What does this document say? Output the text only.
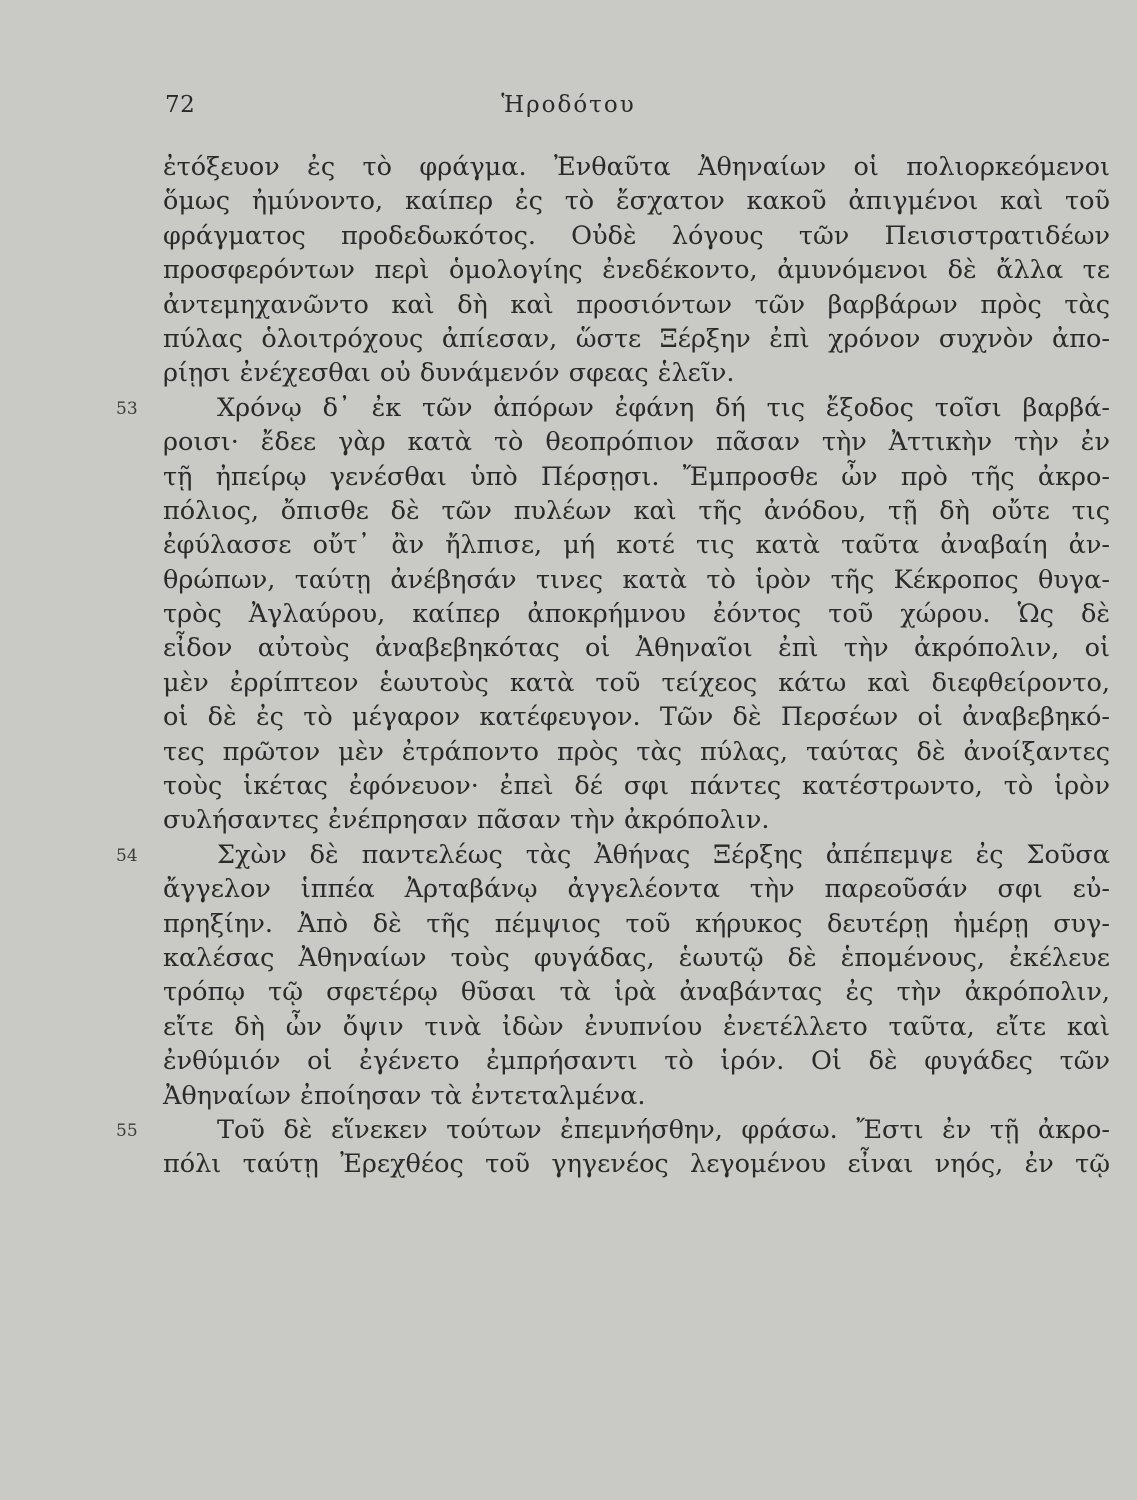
72	Ἡροδότου
ἐτόξευον ἐς τὸ φράγμα. Ἐνθαῦτα Ἀθηναίων οἱ πολιορκεόμενοι
ὅμως ἠμύνοντο, καίπερ ἐς τὸ ἔσχατον κακοῦ ἀπιγμένοι καὶ τοῦ
φράγματος προδεδωκότος. Οὐδὲ λόγους τῶν Πεισιστρατιδέων
προσφερόντων περὶ ὁμολογίης ἐνεδέκοντο, ἀμυνόμενοι δὲ ἄλλα τε
ἀντεμηχανῶντο καὶ δὴ καὶ προσιόντων τῶν βαρβάρων πρὸς τὰς
πύλας ὁλοιτρόχους ἀπίεσαν, ὥστε Ξέρξην ἐπὶ χρόνον συχνὸν ἀπο-
ρίῃσι ἐνέχεσθαι οὐ δυνάμενόν σφεας ἑλεῖν.
53	Χρόνῳ δ᾽ ἐκ τῶν ἀπόρων ἐφάνη δή τις ἔξοδος τοῖσι βαρβά-
ροισι· ἔδεε γὰρ κατὰ τὸ θεοπρόπιον πᾶσαν τὴν Ἀττικὴν τὴν ἐν
τῇ ἠπείρῳ γενέσθαι ὑπὸ Πέρσῃσι. Ἔμπροσθε ὦν πρὸ τῆς ἀκρο-
πόλιος, ὄπισθε δὲ τῶν πυλέων καὶ τῆς ἀνόδου, τῇ δὴ οὔτε τις
ἐφύλασσε οὔτ᾽ ἂν ἤλπισε, μή κοτέ τις κατὰ ταῦτα ἀναβαίη ἀν-
θρώπων, ταύτῃ ἀνέβησάν τινες κατὰ τὸ ἱρὸν τῆς Κέκροπος θυγα-
τρὸς Ἀγλαύρου, καίπερ ἀποκρήμνου ἐόντος τοῦ χώρου. Ὡς δὲ
εἶδον αὐτοὺς ἀναβεβηκότας οἱ Ἀθηναῖοι ἐπὶ τὴν ἀκρόπολιν, οἱ
μὲν ἐρρίπτεον ἑωυτοὺς κατὰ τοῦ τείχεος κάτω καὶ διεφθείροντο,
οἱ δὲ ἐς τὸ μέγαρον κατέφευγον. Τῶν δὲ Περσέων οἱ ἀναβεβηκό-
τες πρῶτον μὲν ἐτράποντο πρὸς τὰς πύλας, ταύτας δὲ ἀνοίξαντες
τοὺς ἱκέτας ἐφόνευον· ἐπεὶ δέ σφι πάντες κατέστρωντο, τὸ ἱρὸν
συλήσαντες ἐνέπρησαν πᾶσαν τὴν ἀκρόπολιν.
54	Σχὼν δὲ παντελέως τὰς Ἀθήνας Ξέρξης ἀπέπεμψε ἐς Σοῦσα
ἄγγελον ἱππέα Ἀρταβάνῳ ἀγγελέοντα τὴν παρεοῦσάν σφι εὐ-
πρηξίην. Ἀπὸ δὲ τῆς πέμψιος τοῦ κήρυκος δευτέρῃ ἡμέρῃ συγ-
καλέσας Ἀθηναίων τοὺς φυγάδας, ἑωυτῷ δὲ ἑπομένους, ἐκέλευε
τρόπῳ τῷ σφετέρῳ θῦσαι τὰ ἱρὰ ἀναβάντας ἐς τὴν ἀκρόπολιν,
εἴτε δὴ ὦν ὄψιν τινὰ ἰδὼν ἐνυπνίου ἐνετέλλετο ταῦτα, εἴτε καὶ
ἐνθύμιόν οἱ ἐγένετο ἐμπρήσαντι τὸ ἱρόν. Οἱ δὲ φυγάδες τῶν
Ἀθηναίων ἐποίησαν τὰ ἐντεταλμένα.
55	Τοῦ δὲ εἵνεκεν τούτων ἐπεμνήσθην, φράσω. Ἔστι ἐν τῇ ἀκρο-
πόλι ταύτῃ Ἐρεχθέος τοῦ γηγενέος λεγομένου εἶναι νηός, ἐν τῷ
